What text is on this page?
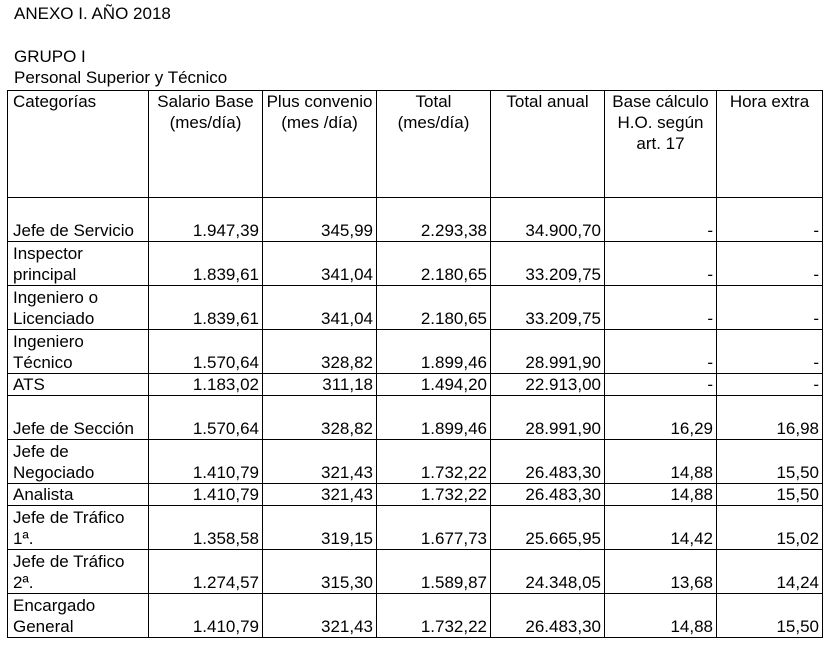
ANEXO I. AÑO 2018
GRUPO I
Personal Superior y Técnico
Categorías	Salario Base (mes/día)	Plus convenio (mes /día)	Total (mes/día)	Total anual	Base cálculo H.O. según art. 17	Hora extra
Jefe de Servicio	1.947,39	345,99	2.293,38	34.900,70	-	-
Inspector principal	1.839,61	341,04	2.180,65	33.209,75	-	-
Ingeniero o Licenciado	1.839,61	341,04	2.180,65	33.209,75	-	-
Ingeniero Técnico	1.570,64	328,82	1.899,46	28.991,90	-	-
ATS	1.183,02	311,18	1.494,20	22.913,00	-	-
Jefe de Sección	1.570,64	328,82	1.899,46	28.991,90	16,29	16,98
Jefe de Negociado	1.410,79	321,43	1.732,22	26.483,30	14,88	15,50
Analista	1.410,79	321,43	1.732,22	26.483,30	14,88	15,50
Jefe de Tráfico 1ª.	1.358,58	319,15	1.677,73	25.665,95	14,42	15,02
Jefe de Tráfico 2ª.	1.274,57	315,30	1.589,87	24.348,05	13,68	14,24
Encargado General	1.410,79	321,43	1.732,22	26.483,30	14,88	15,50
